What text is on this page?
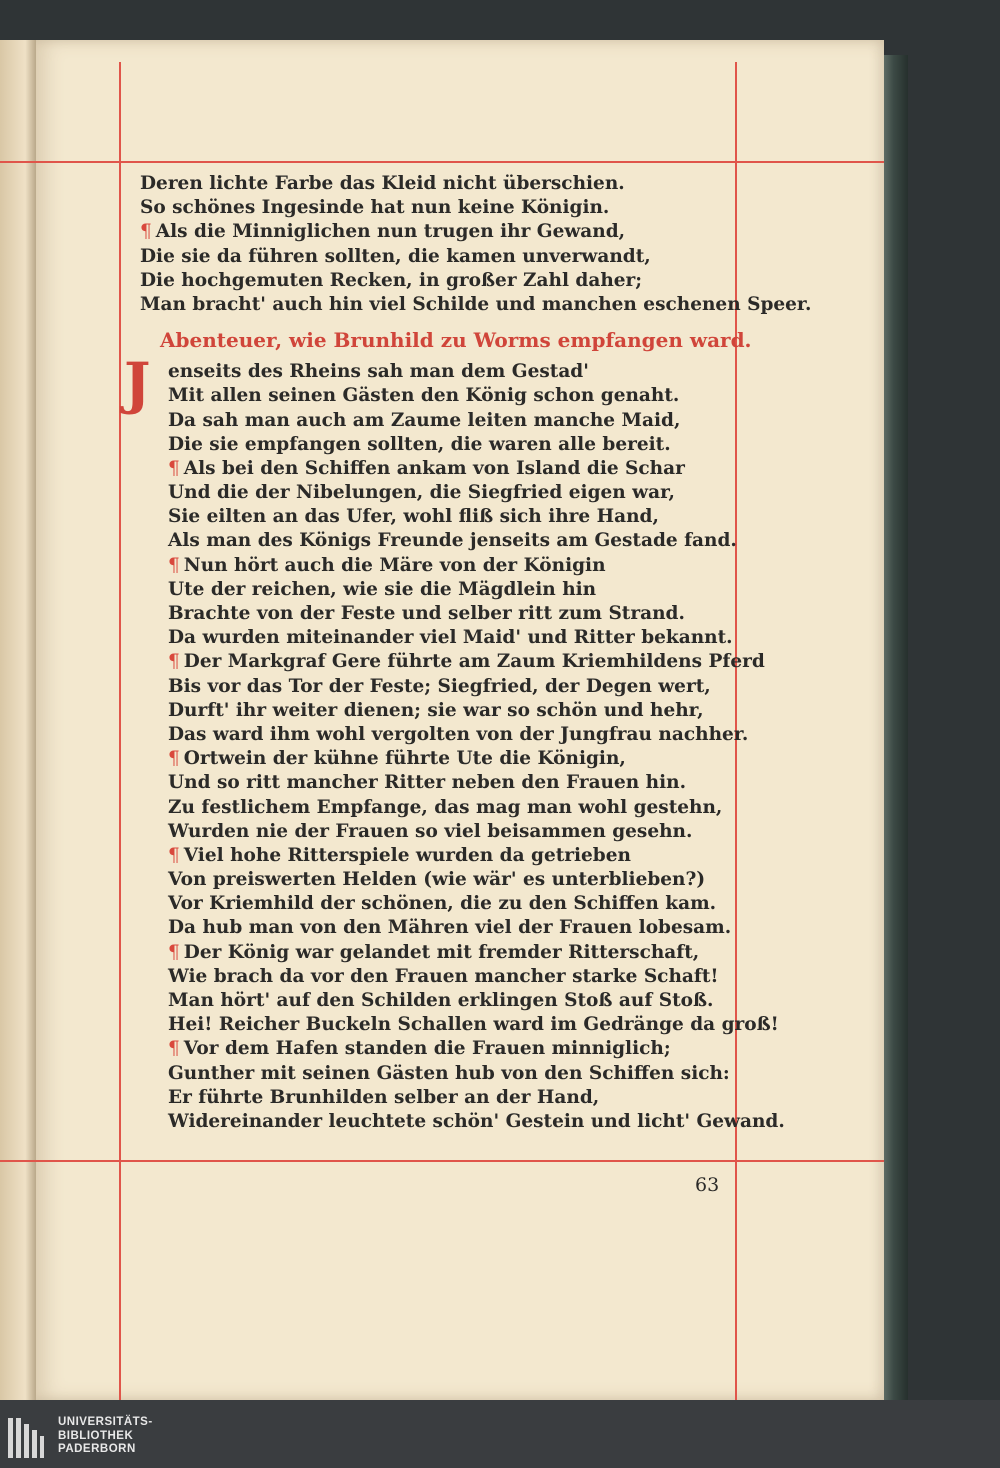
Deren lichte Farbe das Kleid nicht überschien.
So schönes Ingesinde hat nun keine Königin.
¶ Als die Minniglichen nun trugen ihr Gewand,
Die sie da führen sollten, die kamen unverwandt,
Die hochgemuten Recken, in großer Zahl daher;
Man bracht' auch hin viel Schilde und manchen eschenen Speer.
Abenteuer, wie Brunhild zu Worms empfangen ward.
J enseits des Rheins sah man dem Gestad'
Mit allen seinen Gästen den König schon genaht.
Da sah man auch am Zaume leiten manche Maid,
Die sie empfangen sollten, die waren alle bereit.
¶ Als bei den Schiffen ankam von Island die Schar
Und die der Nibelungen, die Siegfried eigen war,
Sie eilten an das Ufer, wohl fliß sich ihre Hand,
Als man des Königs Freunde jenseits am Gestade fand.
¶ Nun hört auch die Märe von der Königin
Ute der reichen, wie sie die Mägdlein hin
Brachte von der Feste und selber ritt zum Strand.
Da wurden miteinander viel Maid' und Ritter bekannt.
¶ Der Markgraf Gere führte am Zaum Kriemhildens Pferd
Bis vor das Tor der Feste; Siegfried, der Degen wert,
Durft' ihr weiter dienen; sie war so schön und hehr,
Das ward ihm wohl vergolten von der Jungfrau nachher.
¶ Ortwein der kühne führte Ute die Königin,
Und so ritt mancher Ritter neben den Frauen hin.
Zu festlichem Empfange, das mag man wohl gestehn,
Wurden nie der Frauen so viel beisammen gesehn.
¶ Viel hohe Ritterspiele wurden da getrieben
Von preiswerten Helden (wie wär' es unterblieben?)
Vor Kriemhild der schönen, die zu den Schiffen kam.
Da hub man von den Mähren viel der Frauen lobesam.
¶ Der König war gelandet mit fremder Ritterschaft,
Wie brach da vor den Frauen mancher starke Schaft!
Man hört' auf den Schilden erklingen Stoß auf Stoß.
Hei! Reicher Buckeln Schallen ward im Gedränge da groß!
¶ Vor dem Hafen standen die Frauen minniglich;
Gunther mit seinen Gästen hub von den Schiffen sich:
Er führte Brunhilden selber an der Hand,
Widereinander leuchtete schön' Gestein und licht' Gewand.
63
UNIVERSITÄTS-
BIBLIOTHEK
PADERBORN
